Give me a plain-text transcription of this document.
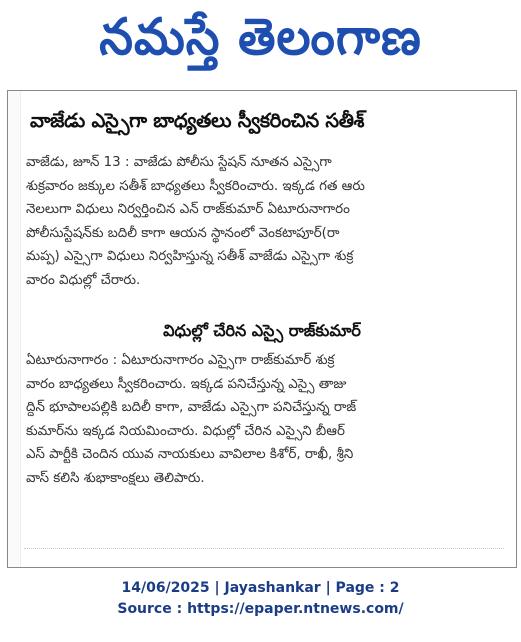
నమస్తే తెలంగాణ
వాజేడు ఎస్సైగా బాధ్యతలు స్వీకరించిన సతీశ్
వాజేడు, జూన్ 13 : వాజేడు పోలీసు స్టేషన్ నూతన ఎస్సైగా
శుక్రవారం జక్కుల సతీశ్ బాధ్యతలు స్వీకరించారు. ఇక్కడ గత ఆరు
నెలలుగా విధులు నిర్వర్తించిన ఎన్ రాజ్‌కుమార్ ఏటూరునాగారం
పోలీసుస్టేషన్‌కు బదిలీ కాగా ఆయన స్థానంలో వెంకటాపూర్(రా
మప్ప) ఎస్సైగా విధులు నిర్వహిస్తున్న సతీశ్ వాజేడు ఎస్సైగా శుక్ర
వారం విధుల్లో చేరారు.
విధుల్లో చేరిన ఎస్సై రాజ్‌కుమార్
ఏటూరునాగారం : ఏటూరునాగారం ఎస్సైగా రాజ్‌కుమార్ శుక్ర
వారం బాధ్యతలు స్వీకరించారు. ఇక్కడ పనిచేస్తున్న ఎస్సై తాజు
ద్దిన్ భూపాలపల్లికి బదిలీ కాగా, వాజేడు ఎస్సైగా పనిచేస్తున్న రాజ్
కుమార్‌ను ఇక్కడ నియమించారు. విధుల్లో చేరిన ఎస్సైని బీఆర్
ఎస్ పార్టీకి చెందిన యువ నాయకులు వావిలాల కిశోర్, రాఖీ, శ్రీని
వాస్ కలిసి శుభాకాంక్షలు తెలిపారు.
14/06/2025 | Jayashankar | Page : 2
Source : https://epaper.ntnews.com/
